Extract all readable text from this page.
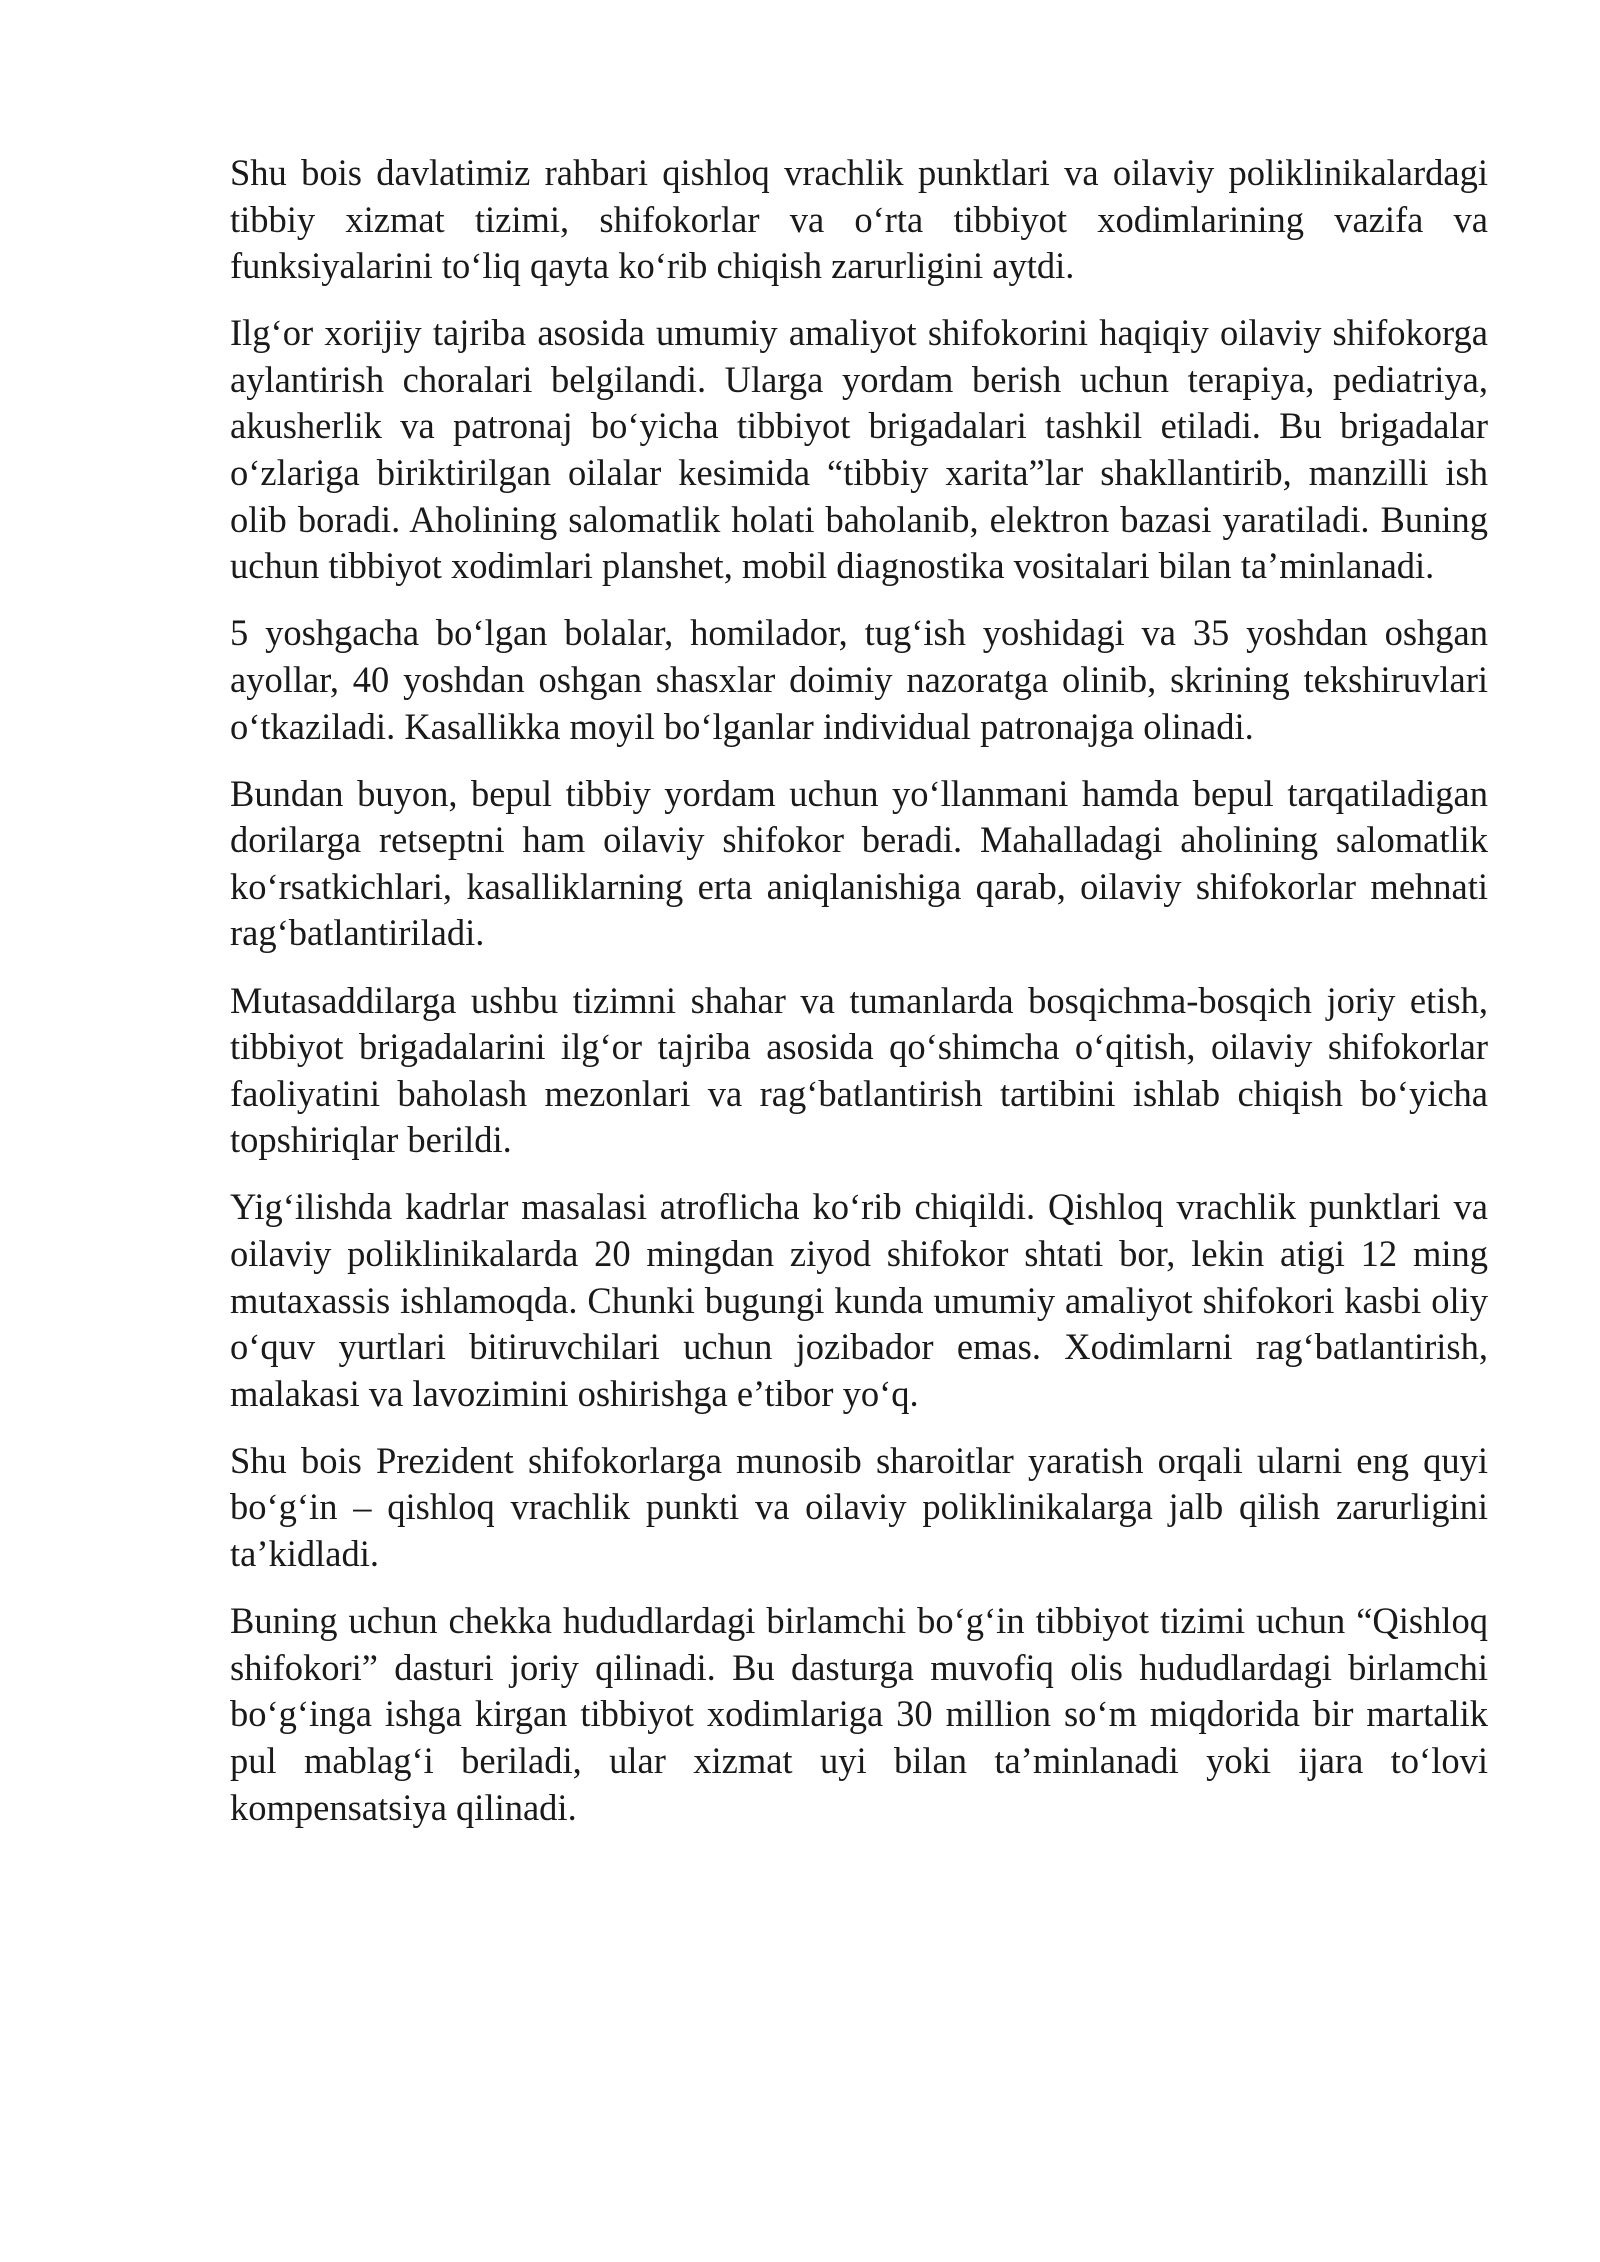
Shu bois davlatimiz rahbari qishloq vrachlik punktlari va oilaviy poliklinikalardagi tibbiy xizmat tizimi, shifokorlar va o‘rta tibbiyot xodimlarining vazifa va funksiyalarini to‘liq qayta ko‘rib chiqish zarurligini aytdi.

Ilg‘or xorijiy tajriba asosida umumiy amaliyot shifokorini haqiqiy oilaviy shifokorga aylantirish choralari belgilandi. Ularga yordam berish uchun terapiya, pediatriya, akusherlik va patronaj bo‘yicha tibbiyot brigadalari tashkil etiladi. Bu brigadalar o‘zlariga biriktirilgan oilalar kesimida “tibbiy xarita”lar shakllantirib, manzilli ish olib boradi. Aholining salomatlik holati baholanib, elektron bazasi yaratiladi. Buning uchun tibbiyot xodimlari planshet, mobil diagnostika vositalari bilan ta’minlanadi.

5 yoshgacha bo‘lgan bolalar, homilador, tug‘ish yoshidagi va 35 yoshdan oshgan ayollar, 40 yoshdan oshgan shasxlar doimiy nazoratga olinib, skrining tekshiruvlari o‘tkaziladi. Kasallikka moyil bo‘lganlar individual patronajga olinadi.

Bundan buyon, bepul tibbiy yordam uchun yo‘llanmani hamda bepul tarqatiladigan dorilarga retseptni ham oilaviy shifokor beradi. Mahalladagi aholining salomatlik ko‘rsatkichlari, kasalliklarning erta aniqlanishiga qarab, oilaviy shifokorlar mehnati rag‘batlantiriladi.

Mutasaddilarga ushbu tizimni shahar va tumanlarda bosqichma-bosqich joriy etish, tibbiyot brigadalarini ilg‘or tajriba asosida qo‘shimcha o‘qitish, oilaviy shifokorlar faoliyatini baholash mezonlari va rag‘batlantirish tartibini ishlab chiqish bo‘yicha topshiriqlar berildi.

Yig‘ilishda kadrlar masalasi atroflicha ko‘rib chiqildi. Qishloq vrachlik punktlari va oilaviy poliklinikalarda 20 mingdan ziyod shifokor shtati bor, lekin atigi 12 ming mutaxassis ishlamoqda. Chunki bugungi kunda umumiy amaliyot shifokori kasbi oliy o‘quv yurtlari bitiruvchilari uchun jozibador emas. Xodimlarni rag‘batlantirish, malakasi va lavozimini oshirishga e’tibor yo‘q.

Shu bois Prezident shifokorlarga munosib sharoitlar yaratish orqali ularni eng quyi bo‘g‘in – qishloq vrachlik punkti va oilaviy poliklinikalarga jalb qilish zarurligini ta’kidladi.

Buning uchun chekka hududlardagi birlamchi bo‘g‘in tibbiyot tizimi uchun “Qishloq shifokori” dasturi joriy qilinadi. Bu dasturga muvofiq olis hududlardagi birlamchi bo‘g‘inga ishga kirgan tibbiyot xodimlariga 30 million so‘m miqdorida bir martalik pul mablag‘i beriladi, ular xizmat uyi bilan ta’minlanadi yoki ijara to‘lovi kompensatsiya qilinadi.
